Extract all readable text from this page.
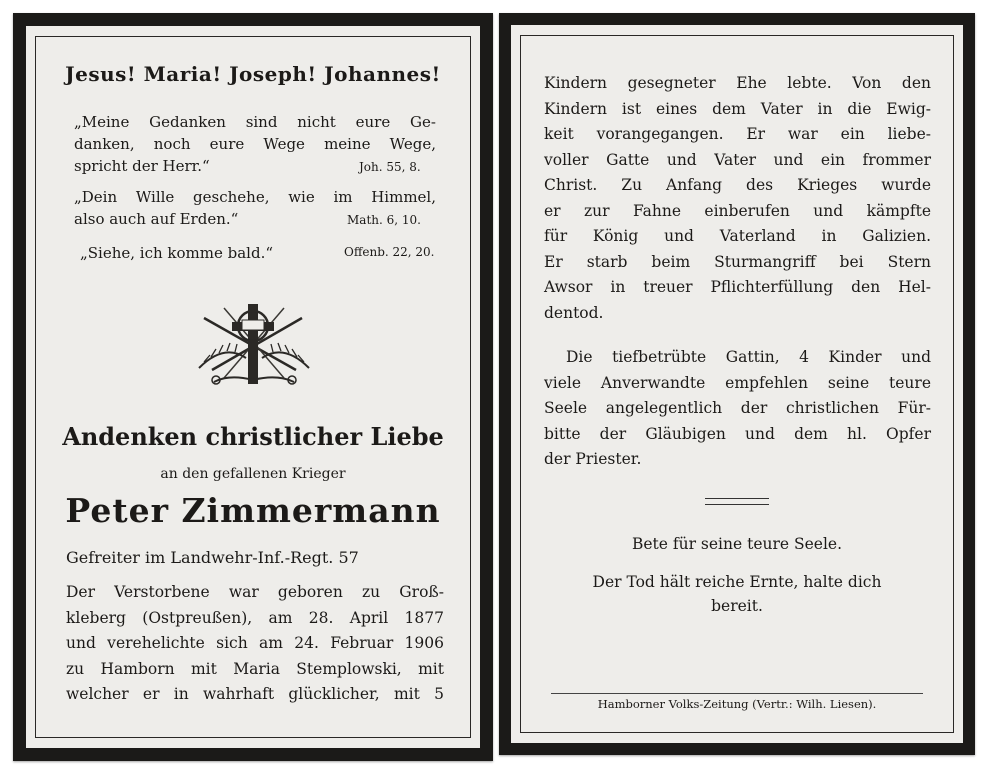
Jesus! Maria! Joseph! Johannes!
„Meine Gedanken sind nicht eure Ge-
danken, noch eure Wege meine Wege,
spricht der Herr.“	Joh. 55, 8.
„Dein Wille geschehe, wie im Himmel,
also auch auf Erden.“	Math. 6, 10.
„Siehe, ich komme bald.“	Offenb. 22, 20.
Andenken christlicher Liebe
an den gefallenen Krieger
Peter Zimmermann
Gefreiter im Landwehr-Inf.-Regt. 57
Der Verstorbene war geboren zu Groß-
kleberg (Ostpreußen), am 28. April 1877
und verehelichte sich am 24. Februar 1906
zu Hamborn mit Maria Stemplowski, mit
welcher er in wahrhaft glücklicher, mit 5
Kindern gesegneter Ehe lebte. Von den
Kindern ist eines dem Vater in die Ewig-
keit vorangegangen. Er war ein liebe-
voller Gatte und Vater und ein frommer
Christ. Zu Anfang des Krieges wurde
er zur Fahne einberufen und kämpfte
für König und Vaterland in Galizien.
Er starb beim Sturmangriff bei Stern
Awsor in treuer Pflichterfüllung den Hel-
dentod.
Die tiefbetrübte Gattin, 4 Kinder und
viele Anverwandte empfehlen seine teure
Seele angelegentlich der christlichen Für-
bitte der Gläubigen und dem hl. Opfer
der Priester.
Bete für seine teure Seele.
Der Tod hält reiche Ernte, halte dich
bereit.
Hamborner Volks-Zeitung (Vertr.: Wilh. Liesen).
